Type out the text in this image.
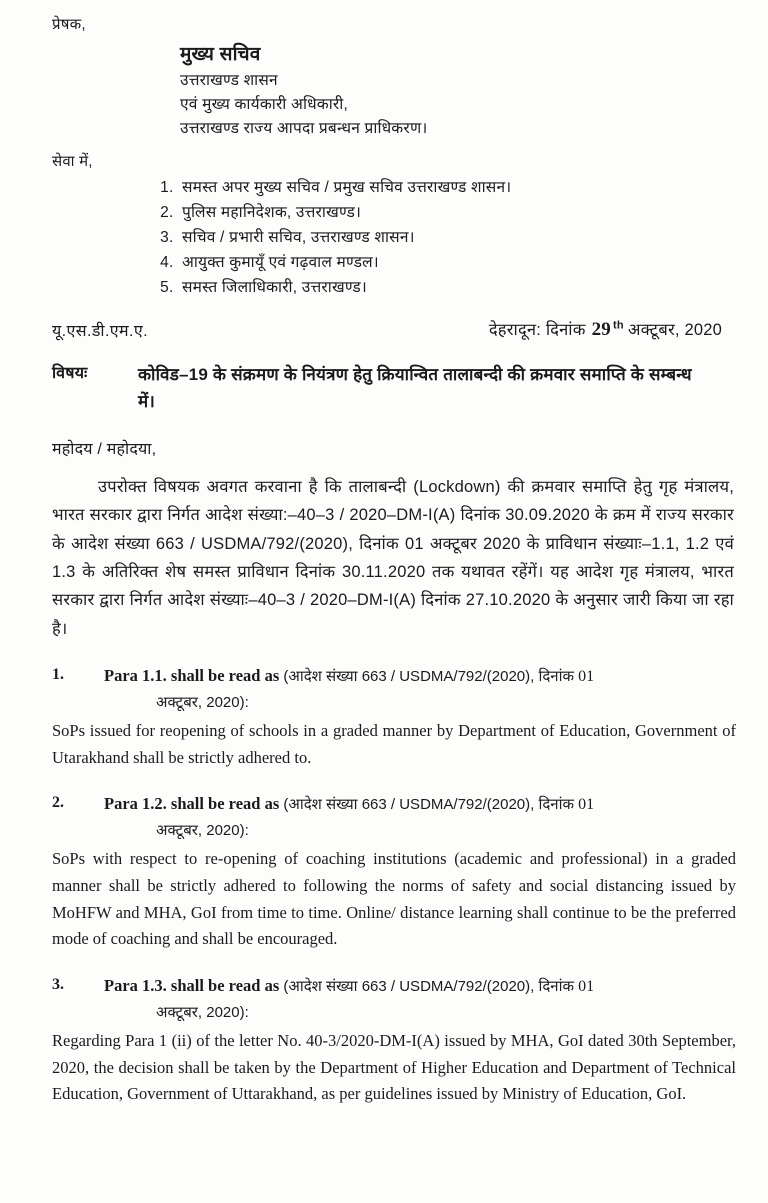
प्रेषक,
मुख्य सचिव
उत्तराखण्ड शासन
एवं मुख्य कार्यकारी अधिकारी,
उत्तराखण्ड राज्य आपदा प्रबन्धन प्राधिकरण।
सेवा में,
1. समस्त अपर मुख्य सचिव / प्रमुख सचिव उत्तराखण्ड शासन।
2. पुलिस महानिदेशक, उत्तराखण्ड।
3. सचिव / प्रभारी सचिव, उत्तराखण्ड शासन।
4. आयुक्त कुमायूँ एवं गढ़वाल मण्डल।
5. समस्त जिलाधिकारी, उत्तराखण्ड।
यू.एस.डी.एम.ए.	देहरादून: दिनांक 29 $^{th}$ अक्टूबर, 2020
विषयः	कोविड–19 के संक्रमण के नियंत्रण हेतु क्रियान्वित तालाबन्दी की क्रमवार समाप्ति के सम्बन्ध में।
महोदय / महोदया,
उपरोक्त विषयक अवगत करवाना है कि तालाबन्दी (Lockdown) की क्रमवार समाप्ति हेतु गृह मंत्रालय, भारत सरकार द्वारा निर्गत आदेश संख्या:–40–3 / 2020–DM-I(A) दिनांक 30.09.2020 के क्रम में राज्य सरकार के आदेश संख्या 663 / USDMA/792/(2020), दिनांक 01 अक्टूबर 2020 के प्राविधान संख्याः–1.1, 1.2 एवं 1.3 के अतिरिक्त शेष समस्त प्राविधान दिनांक 30.11.2020 तक यथावत रहेंगें। यह आदेश गृह मंत्रालय, भारत सरकार द्वारा निर्गत आदेश संख्याः–40–3 / 2020–DM-I(A) दिनांक 27.10.2020 के अनुसार जारी किया जा रहा है।
1.	Para 1.1. shall be read as (आदेश संख्या 663 / USDMA/792/(2020), दिनांक 01
अक्टूबर, 2020):
SoPs issued for reopening of schools in a graded manner by Department of Education, Government of Utarakhand shall be strictly adhered to.
2.	Para 1.2. shall be read as (आदेश संख्या 663 / USDMA/792/(2020), दिनांक 01
अक्टूबर, 2020):
SoPs with respect to re-opening of coaching institutions (academic and professional) in a graded manner shall be strictly adhered to following the norms of safety and social distancing issued by MoHFW and MHA, GoI from time to time. Online/ distance learning shall continue to be the preferred mode of coaching and shall be encouraged.
3.	Para 1.3. shall be read as (आदेश संख्या 663 / USDMA/792/(2020), दिनांक 01
अक्टूबर, 2020):
Regarding Para 1 (ii) of the letter No. 40-3/2020-DM-I(A) issued by MHA, GoI dated 30th September, 2020, the decision shall be taken by the Department of Higher Education and Department of Technical Education, Government of Uttarakhand, as per guidelines issued by Ministry of Education, GoI.
